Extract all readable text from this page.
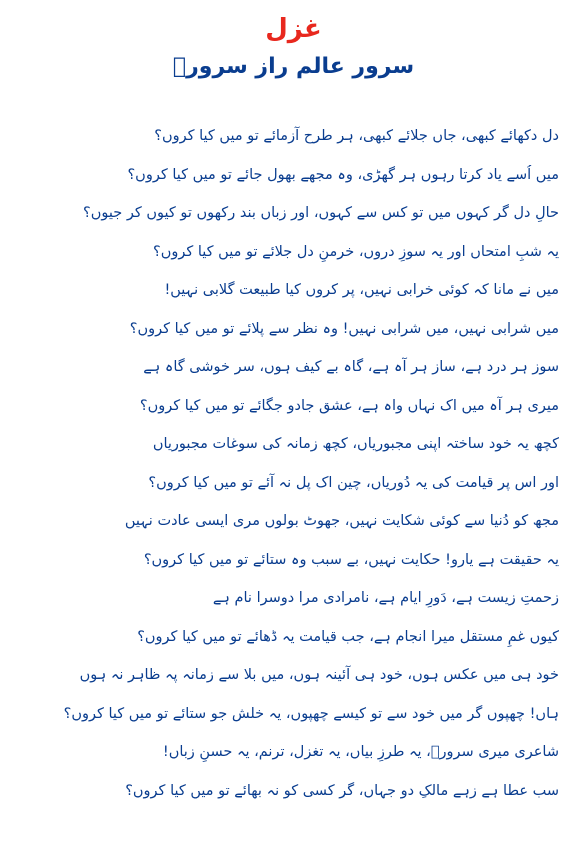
غزل
سرور عالم راز سرورؔ
دل دکھائے کبھی، جاں جلائے کبھی، ہر طرح آزمائے تو میں کیا کروں؟
میں اُسے یاد کرتا رہوں ہر گھڑی، وہ مجھے بھول جائے تو میں کیا کروں؟
حالِ دل گر کہوں میں تو کس سے کہوں، اور زباں بند رکھوں تو کیوں کر جیوں؟
یہ شبِ امتحاں اور یہ سوزِ دروں، خرمنِ دل جلائے تو میں کیا کروں؟
میں نے مانا کہ کوئی خرابی نہیں، پر کروں کیا طبیعت گلابی نہیں!
میں شرابی نہیں، میں شرابی نہیں! وہ نظر سے پلائے تو میں کیا کروں؟
سوز ہر درد ہے، ساز ہر آہ ہے، گاہ بے کیف ہوں، سر خوشی گاہ ہے
میری ہر آہ میں اک نہاں واہ ہے، عشق جادو جگائے تو میں کیا کروں؟
کچھ یہ خود ساختہ اپنی مجبوریاں، کچھ زمانہ کی سوغات مجبوریاں
اور اس پر قیامت کی یہ دُوریاں، چین اک پل نہ آئے تو میں کیا کروں؟
مجھ کو دُنیا سے کوئی شکایت نہیں، جھوٹ بولوں مری ایسی عادت نہیں
یہ حقیقت ہے یارو! حکایت نہیں، بے سبب وہ ستائے تو میں کیا کروں؟
زحمتِ زیست ہے، دَورِ ایام ہے، نامرادی مرا دوسرا نام ہے
کیوں غمِ مستقل میرا انجام ہے، جب قیامت یہ ڈھائے تو میں کیا کروں؟
خود ہی میں عکس ہوں، خود ہی آئینہ ہوں، میں بلا سے زمانہ پہ ظاہر نہ ہوں
ہاں! چھپوں گر میں خود سے تو کیسے چھپوں، یہ خلش جو ستائے تو میں کیا کروں؟
شاعری میری سرورؔ، یہ طرزِ بیاں، یہ تغزل، ترنم، یہ حسنِ زباں!
سب عطا ہے زہے مالکِ دو جہاں، گر کسی کو نہ بھائے تو میں کیا کروں؟
